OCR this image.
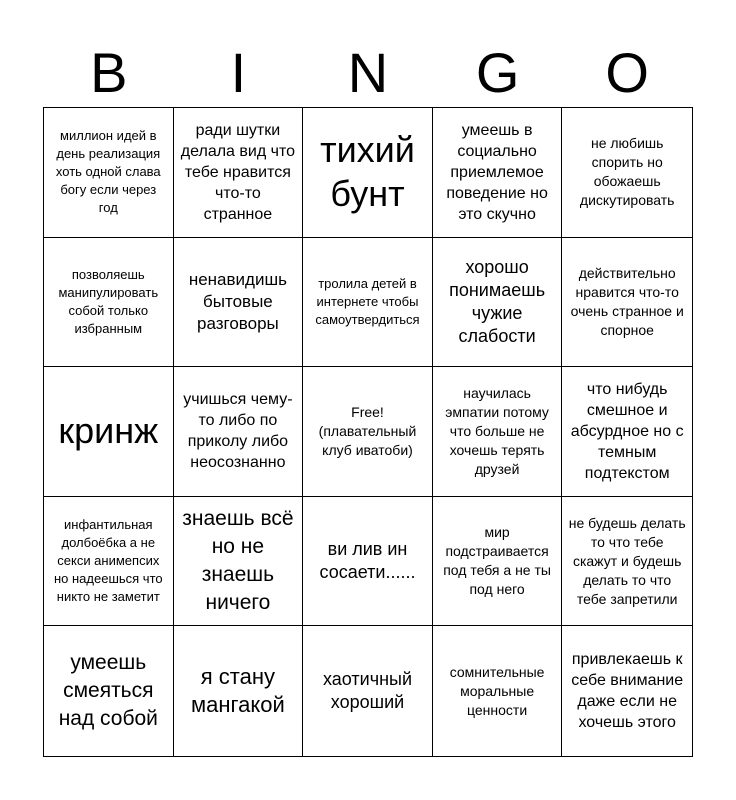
B	I	N	G	O
миллион идей в день реализация хоть одной слава богу если через год
ради шутки делала вид что тебе нравится что-то странное
тихий бунт
умеешь в социально приемлемое поведение но это скучно
не любишь спорить но обожаешь дискутировать
позволяешь манипулировать собой только избранным
ненавидишь бытовые разговоры
тролила детей в интернете чтобы самоутвердиться
хорошо понимаешь чужие слабости
действительно нравится что-то очень странное и спорное
кринж
учишься чему-то либо по приколу либо неосознанно
Free! (плавательный клуб иватоби)
научилась эмпатии потому что больше не хочешь терять друзей
что нибудь смешное и абсурдное но с темным подтекстом
инфантильная долбоёбка а не секси анимепсих но надеешься что никто не заметит
знаешь всё но не знаешь ничего
ви лив ин сосаети......
мир подстраивается под тебя а не ты под него
не будешь делать то что тебе скажут и будешь делать то что тебе запретили
умеешь смеяться над собой
я стану мангакой
хаотичный хороший
сомнительные моральные ценности
привлекаешь к себе внимание даже если не хочешь этого
